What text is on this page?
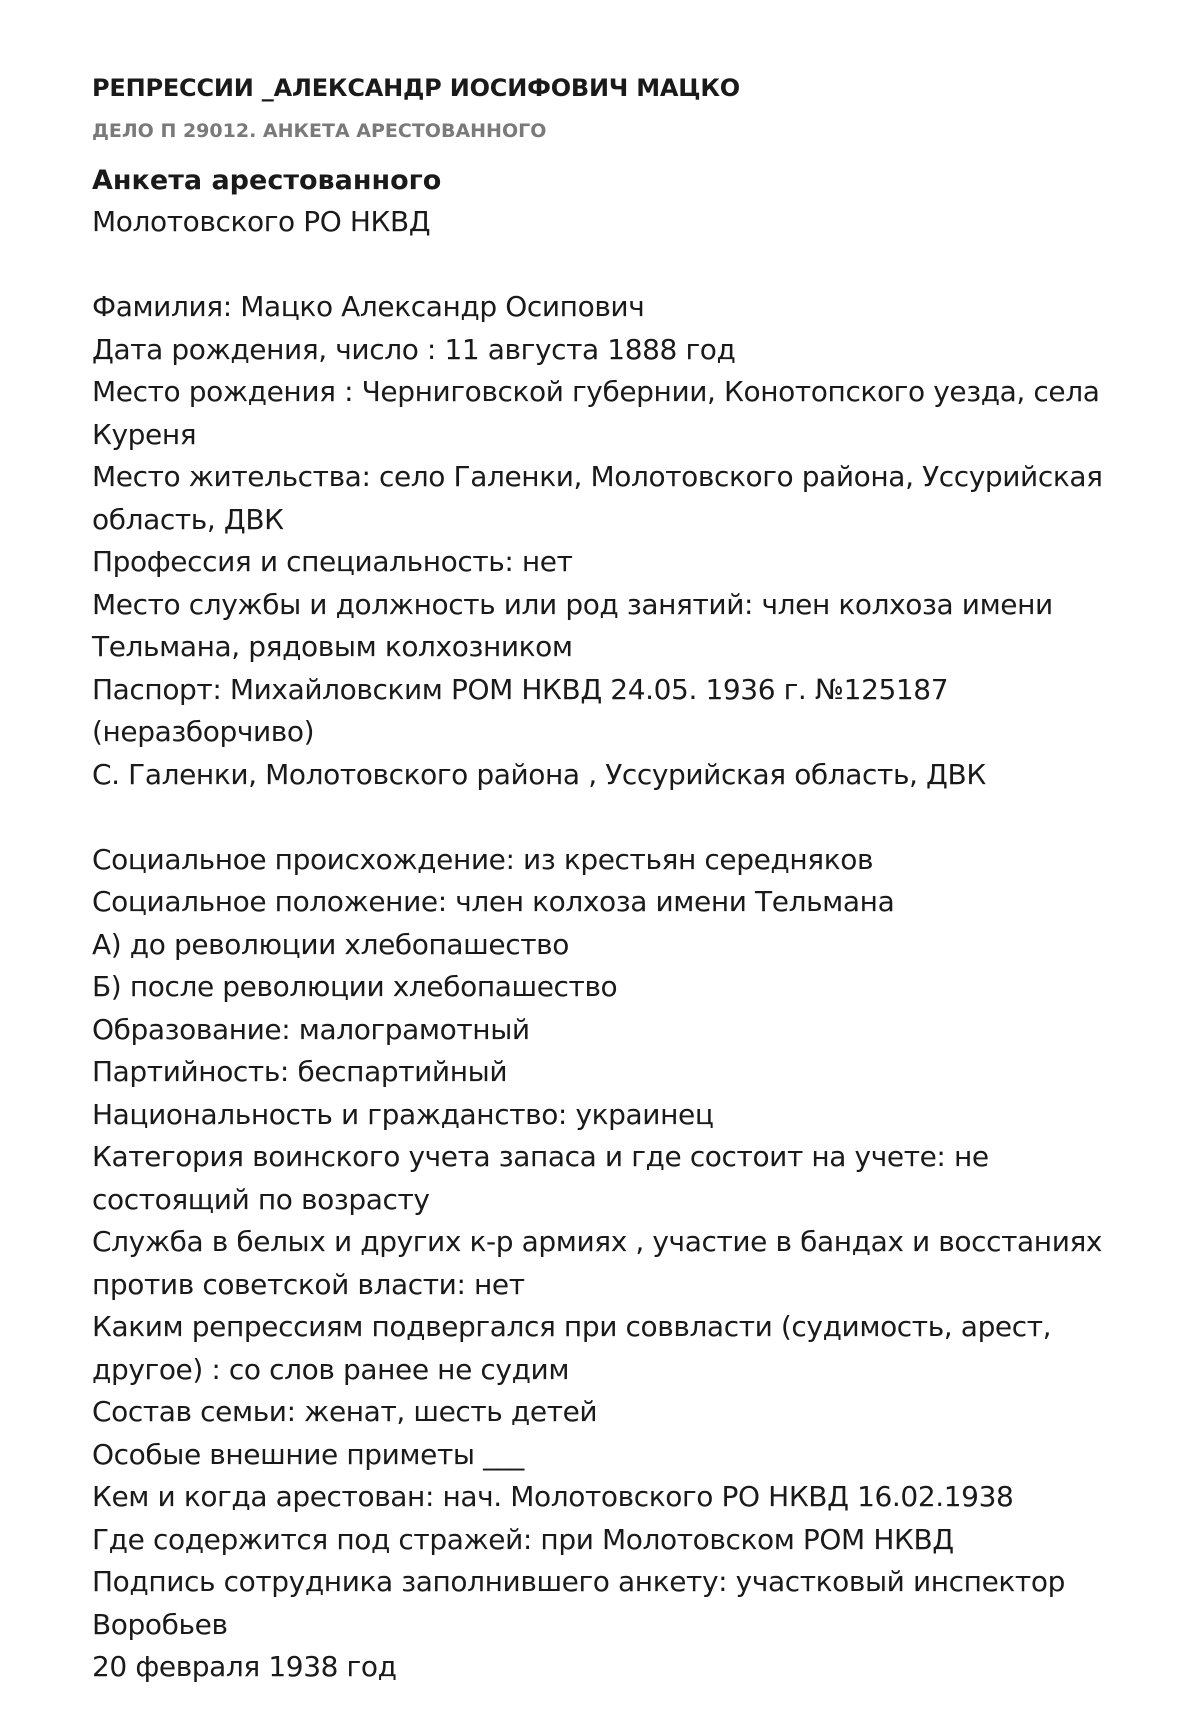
РЕПРЕССИИ _АЛЕКСАНДР ИОСИФОВИЧ МАЦКО
ДЕЛО П 29012. АНКЕТА АРЕСТОВАННОГО
Анкета арестованного
Молотовского РО НКВД
Фамилия: Мацко Александр Осипович
Дата рождения, число : 11 августа 1888 год
Место рождения : Черниговской губернии, Конотопского уезда, села
Куреня
Место жительства: село Галенки, Молотовского района, Уссурийская
область, ДВК
Профессия и специальность: нет
Место службы и должность или род занятий: член колхоза имени
Тельмана, рядовым колхозником
Паспорт: Михайловским РОМ НКВД 24.05. 1936 г. №125187
(неразборчиво)
С. Галенки, Молотовского района , Уссурийская область, ДВК
Социальное происхождение: из крестьян середняков
Социальное положение: член колхоза имени Тельмана
А) до революции хлебопашество
Б) после революции хлебопашество
Образование: малограмотный
Партийность: беспартийный
Национальность и гражданство: украинец
Категория воинского учета запаса и где состоит на учете: не
состоящий по возрасту
Служба в белых и других к-р армиях , участие в бандах и восстаниях
против советской власти: нет
Каким репрессиям подвергался при соввласти (судимость, арест,
другое) : со слов ранее не судим
Состав семьи: женат, шесть детей
Особые внешние приметы ___
Кем и когда арестован: нач. Молотовского РО НКВД 16.02.1938
Где содержится под стражей: при Молотовском РОМ НКВД
Подпись сотрудника заполнившего анкету: участковый инспектор
Воробьев
20 февраля 1938 год
